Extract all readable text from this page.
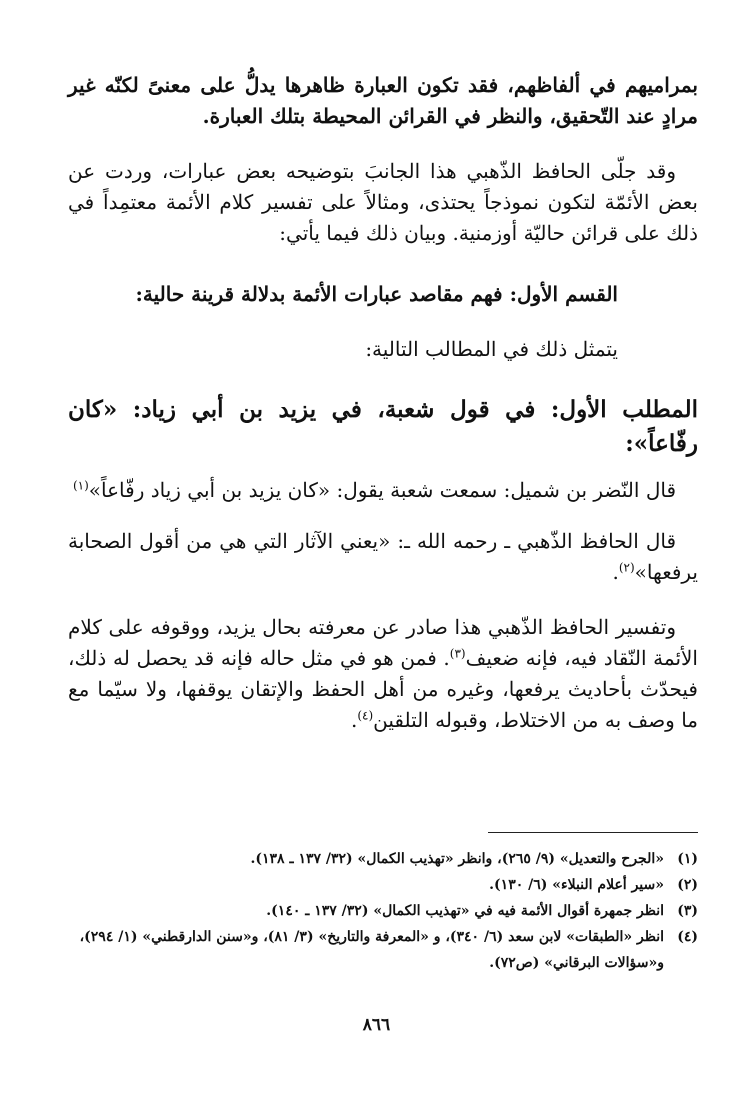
بمراميهم في ألفاظهم، فقد تكون العبارة ظاهرها يدلُّ على معنىً لكنّه غير مرادٍ عند التّحقيق، والنظر في القرائن المحيطة بتلك العبارة.

وقد جلّى الحافظ الذّهبي هذا الجانبَ بتوضيحه بعض عبارات، وردت عن بعض الأئمّة لتكون نموذجاً يحتذى، ومثالاً على تفسير كلام الأئمة معتمِداً في ذلك على قرائن حاليّة أوزمنية. وبيان ذلك فيما يأتي:

القسم الأول: فهم مقاصد عبارات الأئمة بدلالة قرينة حالية:
يتمثل ذلك في المطالب التالية:
المطلب الأول: في قول شعبة، في يزيد بن أبي زياد: «كان رفّاعاً»:

قال النّضر بن شميل: سمعت شعبة يقول: «كان يزيد بن أبي زياد رفّاعاً»$^{(١)}$

قال الحافظ الذّهبي ـ رحمه الله ـ: «يعني الآثار التي هي من أقول الصحابة يرفعها»$^{(٢)}$.

وتفسير الحافظ الذّهبي هذا صادر عن معرفته بحال يزيد، ووقوفه على كلام الأئمة النّقاد فيه، فإنه ضعيف$^{(٣)}$. فمن هو في مثل حاله فإنه قد يحصل له ذلك، فيحدّث بأحاديث يرفعها، وغيره من أهل الحفظ والإتقان يوقفها، ولا سيّما مع ما وصف به من الاختلاط، وقبوله التلقين$^{(٤)}$.

(١)
«الجرح والتعديل» (٩/ ٢٦٥)، وانظر «تهذيب الكمال» (٣٢/ ١٣٧ ـ ١٣٨).
(٢)
«سير أعلام النبلاء» (٦/ ١٣٠).
(٣)
انظر جمهرة أقوال الأئمة فيه في «تهذيب الكمال» (٣٢/ ١٣٧ ـ ١٤٠).
(٤)
انظر «الطبقات» لابن سعد (٦/ ٣٤٠)، و «المعرفة والتاريخ» (٣/ ٨١)، و«سنن الدارقطني» (١/ ٢٩٤)، و«سؤالات البرقاني» (ص٧٢).
٨٦٦
